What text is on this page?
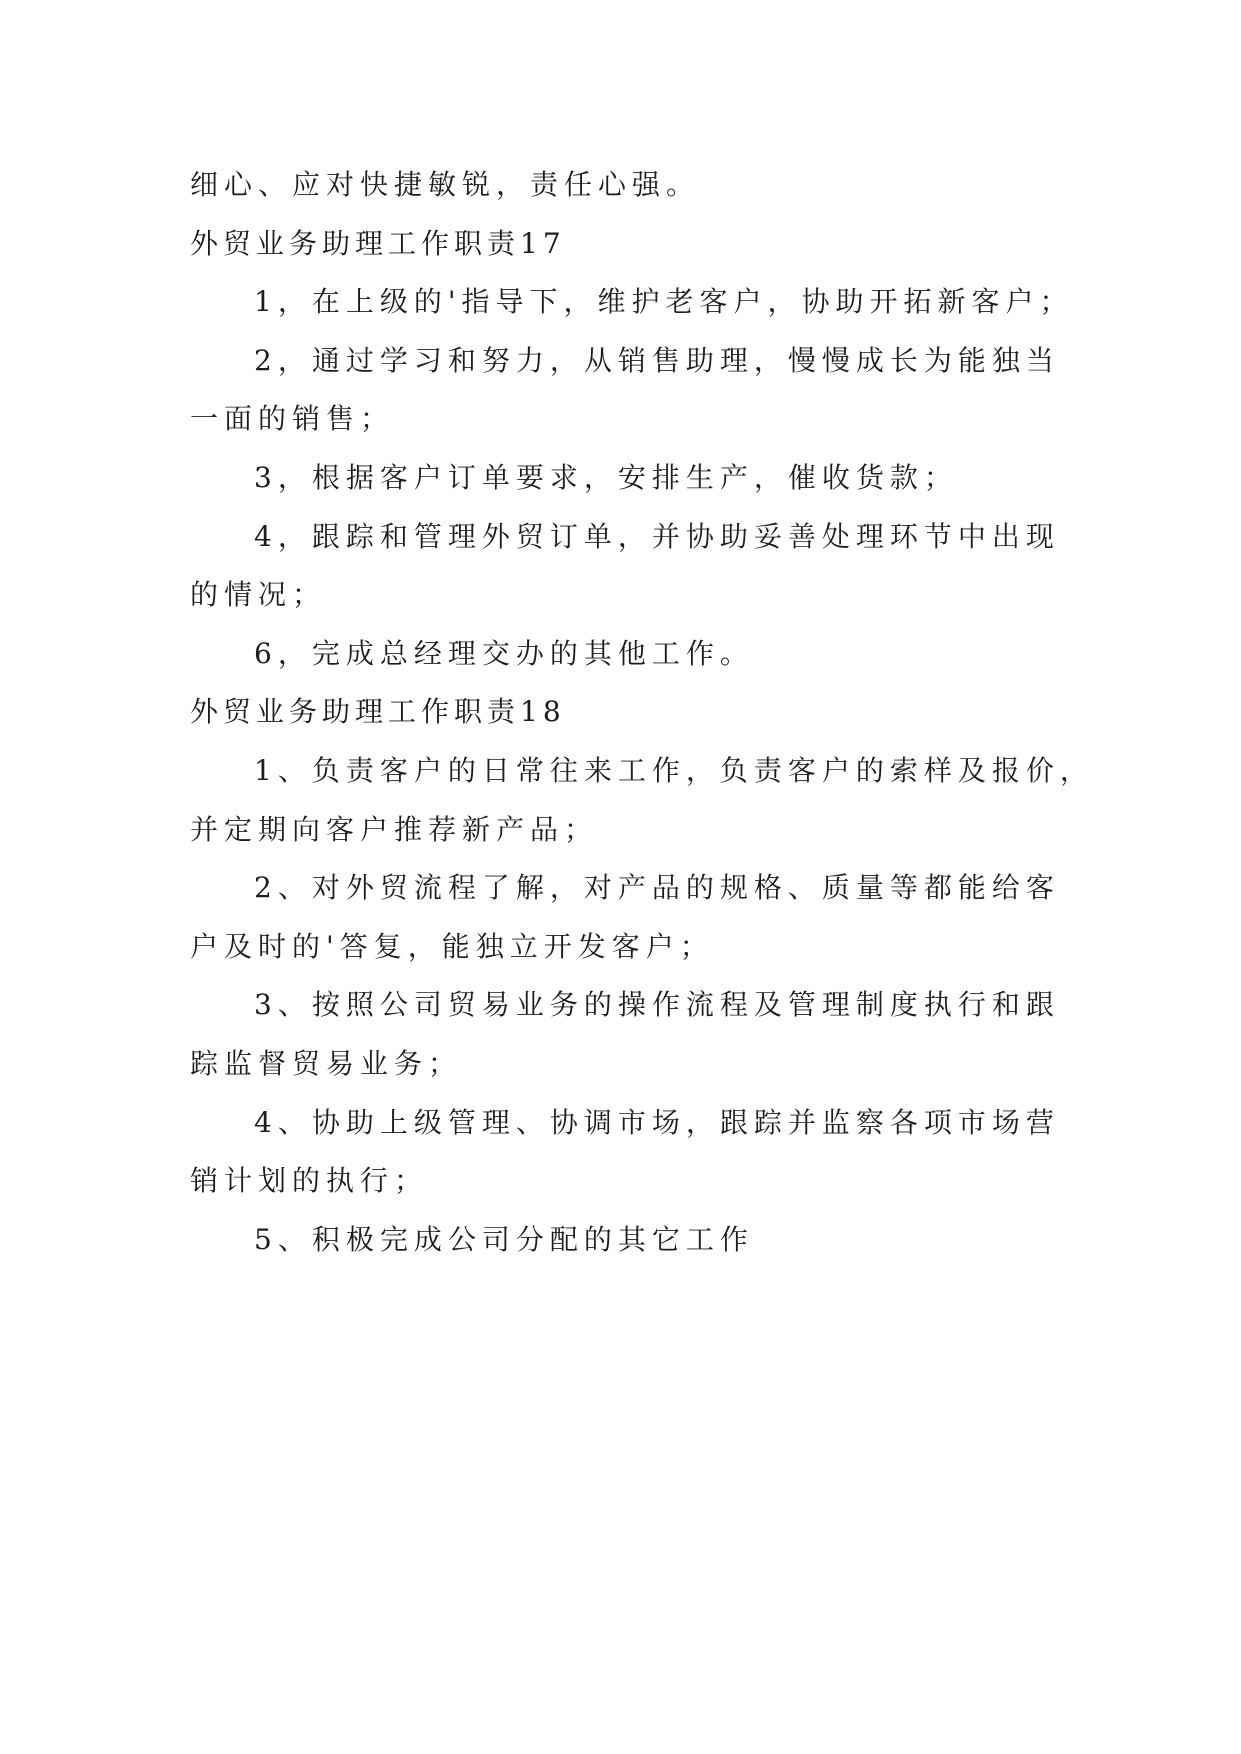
细心、应对快捷敏锐，责任心强。
外贸业务助理工作职责17
1，在上级的'指导下，维护老客户，协助开拓新客户；
2，通过学习和努力，从销售助理，慢慢成长为能独当
一面的销售；
3，根据客户订单要求，安排生产，催收货款；
4，跟踪和管理外贸订单，并协助妥善处理环节中出现
的情况；
6，完成总经理交办的其他工作。
外贸业务助理工作职责18
1、负责客户的日常往来工作，负责客户的索样及报价，
并定期向客户推荐新产品；
2、对外贸流程了解，对产品的规格、质量等都能给客
户及时的'答复，能独立开发客户；
3、按照公司贸易业务的操作流程及管理制度执行和跟
踪监督贸易业务；
4、协助上级管理、协调市场，跟踪并监察各项市场营
销计划的执行；
5、积极完成公司分配的其它工作
